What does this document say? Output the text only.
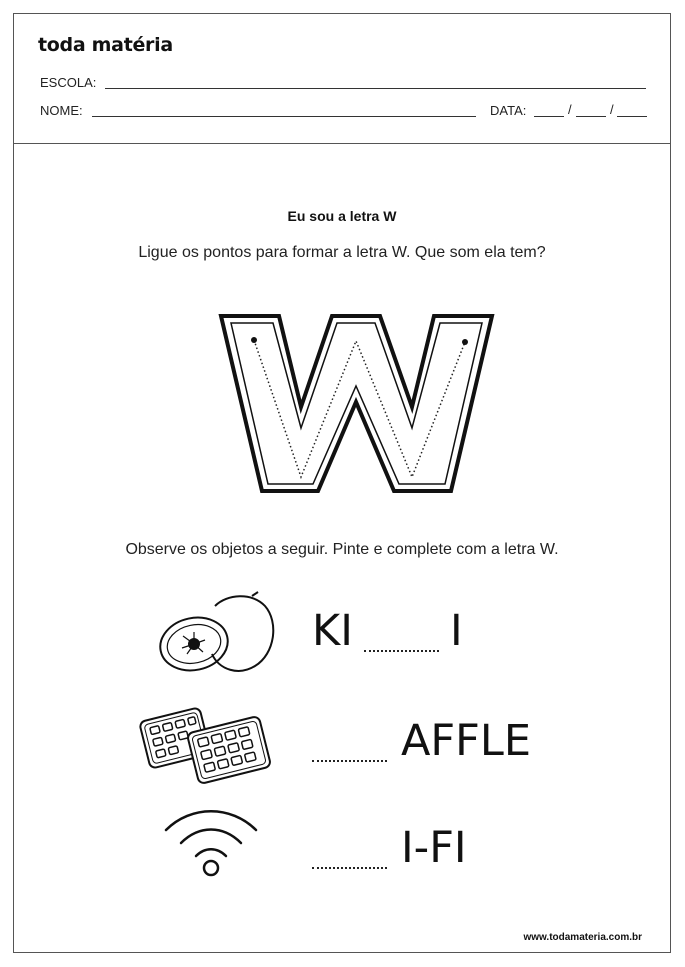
toda matéria
ESCOLA:
NOME:	DATA:	/	/
Eu sou a letra W
Ligue os pontos para formar a letra W. Que som ela tem?
Observe os objetos a seguir. Pinte e complete com a letra W.
KI I
AFFLE
I-FI
www.todamateria.com.br
